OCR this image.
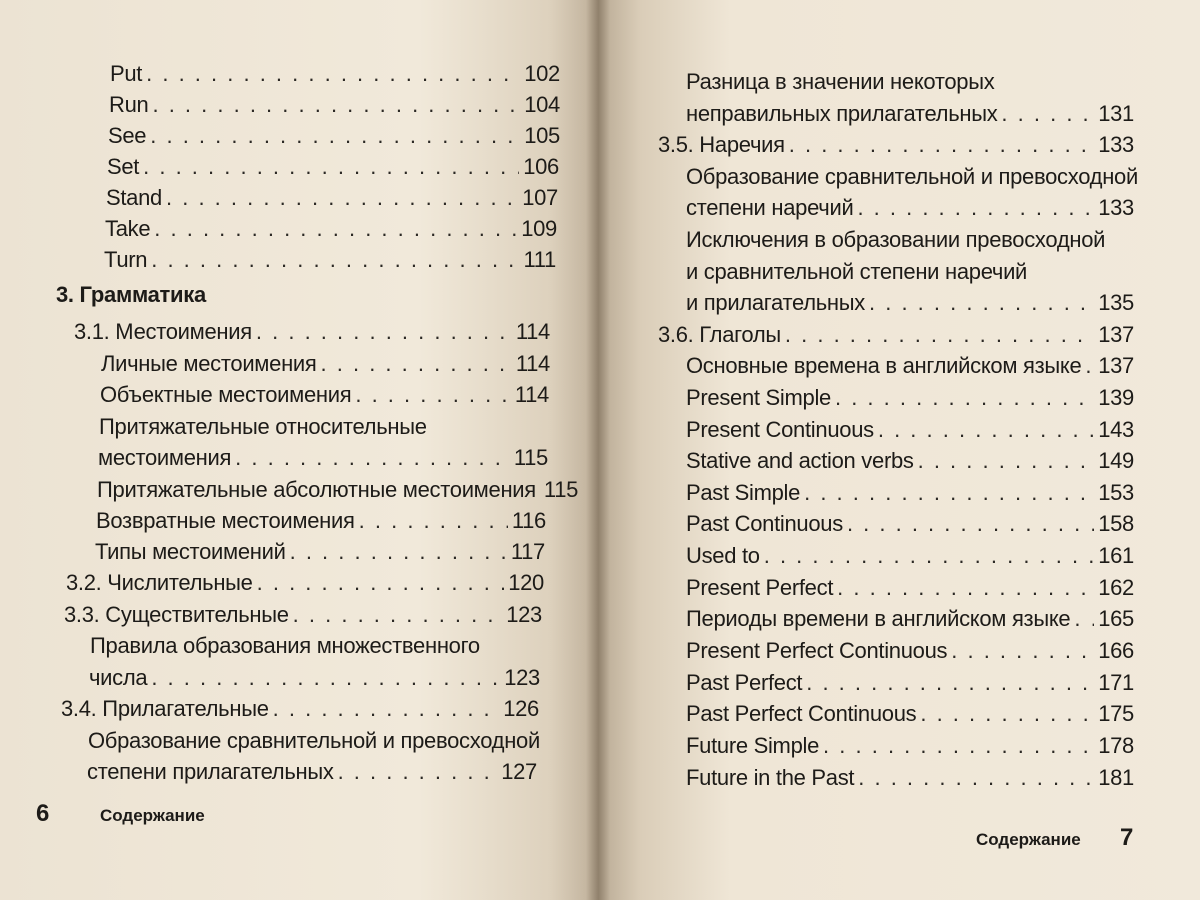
Put . . .	102
Run . . .	104
See . . .	105
Set . . .	106
Stand . . .	107
Take . . .	109
Turn . . .	111
3. Грамматика
3.1. Местоимения . . .	114
Личные местоимения . . .	114
Объектные местоимения . . .	114
Притяжательные относительные
местоимения . . .	115
Притяжательные абсолютные местоимения 115
Возвратные местоимения . . .	116
Типы местоимений . . .	117
3.2. Числительные . . .	120
3.3. Существительные . . .	123
Правила образования множественного
числа . . .	123
3.4. Прилагательные . . .	126
Образование сравнительной и превосходной
степени прилагательных . . .	127
6	Содержание
Разница в значении некоторых
неправильных прилагательных . . .	131
3.5. Наречия . . .	133
Образование сравнительной и превосходной
степени наречий . . .	133
Исключения в образовании превосходной
и сравнительной степени наречий
и прилагательных . . .	135
3.6. Глаголы . . .	137
Основные времена в английском языке . . . 137
Present Simple . . .	139
Present Continuous . . .	143
Stative and action verbs . . .	149
Past Simple . . .	153
Past Continuous . . .	158
Used to . . .	161
Present Perfect . . .	162
Периоды времени в английском языке . . . 165
Present Perfect Continuous . . .	166
Past Perfect . . .	171
Past Perfect Continuous . . .	175
Future Simple . . .	178
Future in the Past . . .	181
Содержание 7
